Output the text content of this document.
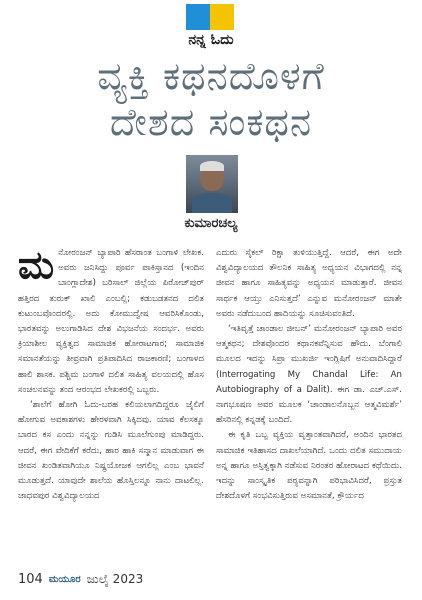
ನನ್ನ ಓದು
ವ್ಯಕ್ತಿ ಕಥನದೊಳಗೆ
ದೇಶದ ಸಂಕಥನ
ಕುಮಾರಚಲ್ಯ

ಮನೋರಂಜನ್ ಬ್ಯಾಪಾರಿ ಹೆಸರಾಂತ ಬಂಗಾಳಿ ಲೇಖಕ. ಅವರು ಜನಿಸಿದ್ದು ಪೂರ್ವ ಪಾಕಿಸ್ತಾನದ (ಇಂದಿನ ಬಾಂಗ್ಲಾದೇಶ) ಬರಿಸಾಲ್ ಜಿಲ್ಲೆಯ ಪಿರೋಜ್‌ಪುರ್ ಹತ್ತಿರದ ತುರುಕ್ ಖಾಲಿ ಎಂಬಲ್ಲಿ; ಕಡುಬಡತನದ ದಲಿತ ಕುಟುಂಬವೊಂದರಲ್ಲಿ. ಅದು ಕೋಮುದ್ವೇಷ ಆವರಿಸಿಕೊಂಡು, ಭಾರತವನ್ನು ಅಲುಗಾಡಿಸಿದ ದೇಶ ವಿಭಜನೆಯ ಸಂದರ್ಭ. ಅವರು ಕ್ರಿಯಾಶೀಲ ವ್ಯಕ್ತಿತ್ವದ ಸಾಮಾಜಿಕ ಹೋರಾಟಗಾರ; ಸಾಮಾಜಿಕ ಸಮಾನತೆಯನ್ನು ತೀವ್ರವಾಗಿ ಪ್ರತಿಪಾದಿಸಿದ ರಾಜಕಾರಣಿ; ಬಂಗಾಳದ ಹಾಲಿ ಶಾಸಕ. ಪಶ್ಚಿಮ ಬಂಗಾಳಿ ದಲಿತ ಸಾಹಿತ್ಯ ವಲಯದಲ್ಲಿ ಹೊಸ ಸಂಚಲನವನ್ನು ತಂದ ಆರಂಭದ ಲೇಖಕರಲ್ಲಿ ಒಬ್ಬರು.

‘ಶಾಲೆಗೆ ಹೋಗಿ ಓದು-ಬರಹ ಕಲಿಯಲಾಗದಿದ್ದರೂ ಜೈಲಿಗೆ ಹೋಗುವ ಅವಕಾಶಗಳು ಹೇರಳವಾಗಿ ಸಿಕ್ಕಿದವು. ಯಾವ ಕೆಲಸಕ್ಕೂ ಬಾರದ ಕಸ ಎಂದು ನನ್ನನ್ನು ಗುಡಿಸಿ ಮೂಲೆಗುಂಪು ಮಾಡಿದ್ದರು. ಆದರೆ, ಈಗ ವೇದಿಕೆಗೆ ಕರೆದು, ಹಾರ ಹಾಕಿ ಸನ್ಮಾನ ಮಾಡುವಾಗ ಈ ಜೀವನ ಖಂಡಿತವಾಗಿಯೂ ನಿಷ್ಪ್ರಯೋಜಕ ಆಗಲಿಲ್ಲ ಎಂಬ ಭಾವನೆ ಮೂಡುತ್ತದೆ. ಯಾವುದೇ ಶಾಲೆಯ ಹೊಸ್ತಿಲನ್ನೂ ನಾನು ದಾಟಲಿಲ್ಲ. ಜಾಧವಪುರ ವಿಶ್ವವಿದ್ಯಾಲಯದ

ಎದುರು ಸೈಕಲ್ ರಿಕ್ಷಾ ತುಳಿಯುತ್ತಿದ್ದೆ. ಆದರೆ, ಈಗ ಅದೇ ವಿಶ್ವವಿದ್ಯಾಲಯದ ತೌಲನಿಕ ಸಾಹಿತ್ಯ ಅಧ್ಯಯನ ವಿಭಾಗದಲ್ಲಿ ನನ್ನ ಜೀವನ ಹಾಗೂ ಸಾಹಿತ್ಯವನ್ನು ಅಧ್ಯಯನ ಮಾಡುತ್ತಾರೆ. ಜೀವನ ಸಾರ್ಥಕ ಆಯ್ತು ಎನಿಸುತ್ತದೆ’ ಎನ್ನುವ ಮನೋರಂಜನ್ ಮಾತೇ ಅವರು ನಡೆದುಬಂದ ಹಾದಿಯನ್ನು ಸೂಚಿಸುವಂತಿದೆ.

‘ಇತಿವೃತ್ತೆ ಚಾಂಡಾಲ ಜೀಬನ್’ ಮನೋರಂಜನ್ ಬ್ಯಾಪಾರಿ ಅವರ ಆತ್ಮಕಥನ; ದೇಶವೊಂದರ ಕಥಾನಕವೆನ್ನಿಸುವ ಹೌದು. ಬೆಂಗಾಲಿ ಮೂಲದ ಇದನ್ನು ಸಿಪ್ರಾ ಮುಖರ್ಜಿ ಇಂಗ್ಲಿಷಿಗೆ ಅನುವಾದಿಸಿದ್ದಾರೆ (Interrogating My Chandal Life: An Autobiography of a Dalit). ಈಗ ಡಾ. ಎಚ್.ಎಸ್. ನಾಗಭೂಷಣ ಅವರ ಮೂಲಕ ‘ಚಾಂಡಾಲನೊಬ್ಬನ ಆತ್ಮವಿಮರ್ಶೆ’ ಹೆಸರಿನಲ್ಲಿ ಕನ್ನಡಕ್ಕೆ ಬಂದಿದೆ.

ಈ ಕೃತಿ ಒಬ್ಬ ವ್ಯಕ್ತಿಯ ವೃತ್ತಾಂತವಾಗಿದರೆ, ಅಂದಿನ ಭಾರತದ ಸಾಮಾಜಿಕ ಇತಿಹಾಸದ ದಾಖಲೆಯಾಗಿದೆ. ಒಂದು ದಲಿತ ಸಮುದಾಯ ಅನ್ನ ಹಾಗೂ ಅಸ್ತಿತ್ವಕ್ಕಾಗಿ ನಡೆಸುವ ನಿರಂತರ ಹೋರಾಟದ ಕಥೆಯಿದು. ಇದನ್ನು ಸಾಂಸ್ಕೃತಿಕ ಪಠ್ಯವನ್ನಾಗಿ ಪರಿಭಾವಿಸಿದರೆ, ಪ್ರಸ್ತುತ ದೇಶದೊಳಗೆ ಸಂಭವಿಸುತ್ತಿರುವ ಅಸಮಾನತೆ, ಕ್ರೌರ್ಯದ

104 ಮಯೂರ ಜುಲೈ 2023
